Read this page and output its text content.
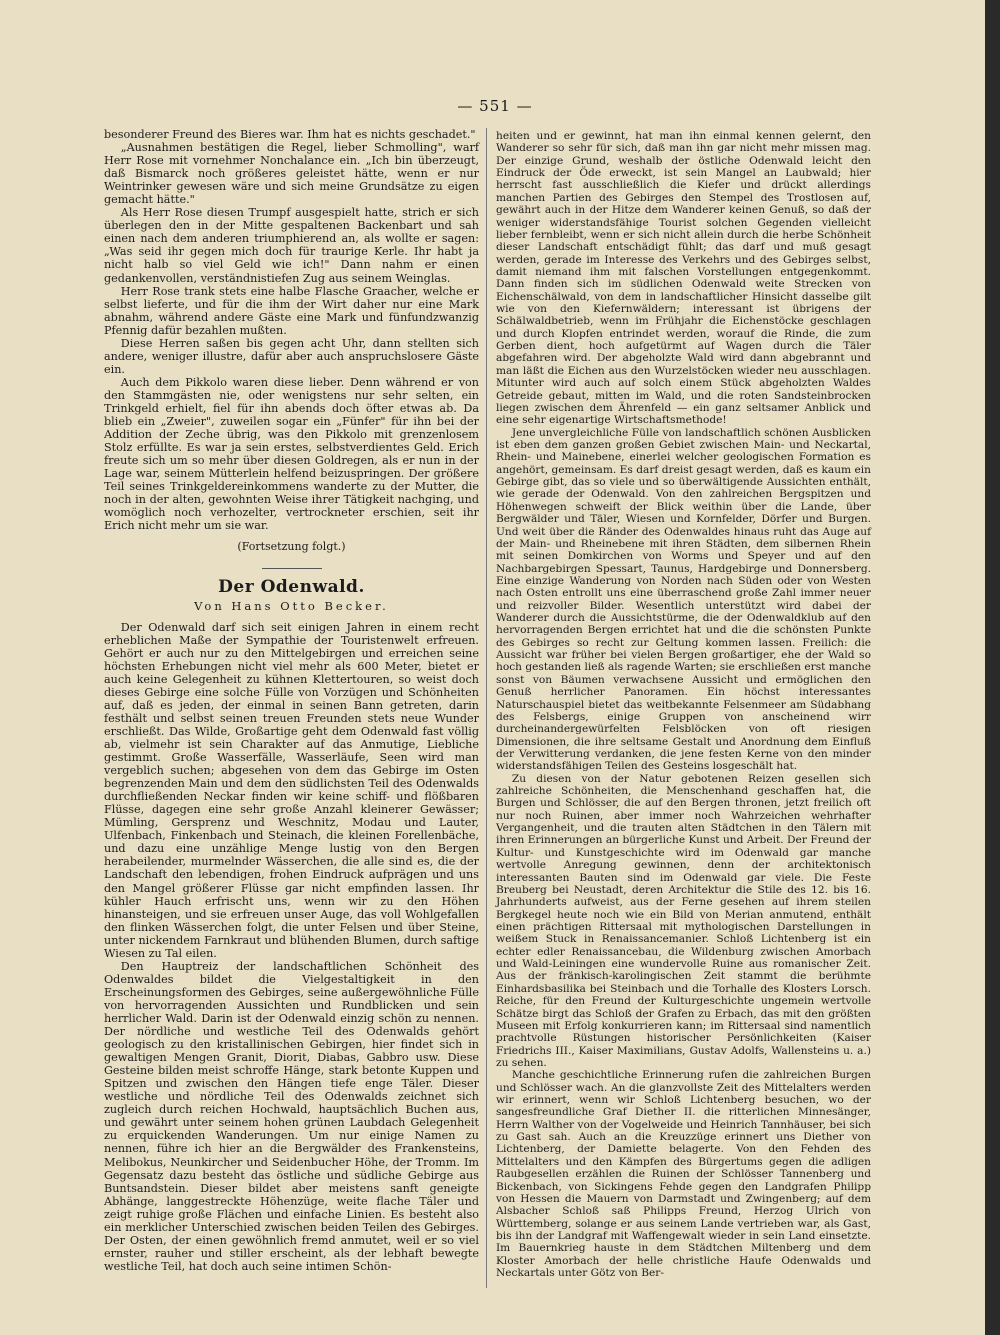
— 551 —

besonderer Freund des Bieres war. Ihm hat es nichts geschadet."

„Ausnahmen bestätigen die Regel, lieber Schmolling", warf Herr Rose mit vornehmer Nonchalance ein. „Ich bin überzeugt, daß Bismarck noch größeres geleistet hätte, wenn er nur Weintrinker gewesen wäre und sich meine Grundsätze zu eigen gemacht hätte."

Als Herr Rose diesen Trumpf ausgespielt hatte, strich er sich überlegen den in der Mitte gespaltenen Backenbart und sah einen nach dem anderen triumphierend an, als wollte er sagen: „Was seid ihr gegen mich doch für traurige Kerle. Ihr habt ja nicht halb so viel Geld wie ich!" Dann nahm er einen gedankenvollen, verständnistiefen Zug aus seinem Weinglas.

Herr Rose trank stets eine halbe Flasche Graacher, welche er selbst lieferte, und für die ihm der Wirt daher nur eine Mark abnahm, während andere Gäste eine Mark und fünfundzwanzig Pfennig dafür bezahlen mußten.

Diese Herren saßen bis gegen acht Uhr, dann stellten sich andere, weniger illustre, dafür aber auch anspruchslosere Gäste ein.

Auch dem Pikkolo waren diese lieber. Denn während er von den Stammgästen nie, oder wenigstens nur sehr selten, ein Trinkgeld erhielt, fiel für ihn abends doch öfter etwas ab. Da blieb ein „Zweier", zuweilen sogar ein „Fünfer" für ihn bei der Addition der Zeche übrig, was den Pikkolo mit grenzenlosem Stolz erfüllte. Es war ja sein erstes, selbstverdientes Geld. Erich freute sich um so mehr über diesen Goldregen, als er nun in der Lage war, seinem Mütterlein helfend beizuspringen. Der größere Teil seines Trinkgeldereinkommens wanderte zu der Mutter, die noch in der alten, gewohnten Weise ihrer Tätigkeit nachging, und womöglich noch verhozelter, vertrockneter erschien, seit ihr Erich nicht mehr um sie war.

(Fortsetzung folgt.)

Der Odenwald.
Von Hans Otto Becker.

Der Odenwald darf sich seit einigen Jahren in einem recht erheblichen Maße der Sympathie der Touristenwelt erfreuen. Gehört er auch nur zu den Mittelgebirgen und erreichen seine höchsten Erhebungen nicht viel mehr als 600 Meter, bietet er auch keine Gelegenheit zu kühnen Klettertouren, so weist doch dieses Gebirge eine solche Fülle von Vorzügen und Schönheiten auf, daß es jeden, der einmal in seinen Bann getreten, darin festhält und selbst seinen treuen Freunden stets neue Wunder erschließt. Das Wilde, Großartige geht dem Odenwald fast völlig ab, vielmehr ist sein Charakter auf das Anmutige, Liebliche gestimmt. Große Wasserfälle, Wasserläufe, Seen wird man vergeblich suchen; abgesehen von dem das Gebirge im Osten begrenzenden Main und dem den südlichsten Teil des Odenwalds durchfließenden Neckar finden wir keine schiff- und flößbaren Flüsse, dagegen eine sehr große Anzahl kleinerer Gewässer; Mümling, Gersprenz und Weschnitz, Modau und Lauter, Ulfenbach, Finkenbach und Steinach, die kleinen Forellenbäche, und dazu eine unzählige Menge lustig von den Bergen herabeilender, murmelnder Wässerchen, die alle sind es, die der Landschaft den lebendigen, frohen Eindruck aufprägen und uns den Mangel größerer Flüsse gar nicht empfinden lassen. Ihr kühler Hauch erfrischt uns, wenn wir zu den Höhen hinansteigen, und sie erfreuen unser Auge, das voll Wohlgefallen den flinken Wässerchen folgt, die unter Felsen und über Steine, unter nickendem Farnkraut und blühenden Blumen, durch saftige Wiesen zu Tal eilen.

Den Hauptreiz der landschaftlichen Schönheit des Odenwaldes bildet die Vielgestaltigkeit in den Erscheinungsformen des Gebirges, seine außergewöhnliche Fülle von hervorragenden Aussichten und Rundblicken und sein herrlicher Wald. Darin ist der Odenwald einzig schön zu nennen. Der nördliche und westliche Teil des Odenwalds gehört geologisch zu den kristallinischen Gebirgen, hier findet sich in gewaltigen Mengen Granit, Diorit, Diabas, Gabbro usw. Diese Gesteine bilden meist schroffe Hänge, stark betonte Kuppen und Spitzen und zwischen den Hängen tiefe enge Täler. Dieser westliche und nördliche Teil des Odenwalds zeichnet sich zugleich durch reichen Hochwald, hauptsächlich Buchen aus, und gewährt unter seinem hohen grünen Laubdach Gelegenheit zu erquickenden Wanderungen. Um nur einige Namen zu nennen, führe ich hier an die Bergwälder des Frankensteins, Melibokus, Neunkircher und Seidenbucher Höhe, der Tromm. Im Gegensatz dazu besteht das östliche und südliche Gebirge aus Buntsandstein. Dieser bildet aber meistens sanft geneigte Abhänge, langgestreckte Höhenzüge, weite flache Täler und zeigt ruhige große Flächen und einfache Linien. Es besteht also ein merklicher Unterschied zwischen beiden Teilen des Gebirges. Der Osten, der einen gewöhnlich fremd anmutet, weil er so viel ernster, rauher und stiller erscheint, als der lebhaft bewegte westliche Teil, hat doch auch seine intimen Schön-

heiten und er gewinnt, hat man ihn einmal kennen gelernt, den Wanderer so sehr für sich, daß man ihn gar nicht mehr missen mag. Der einzige Grund, weshalb der östliche Odenwald leicht den Eindruck der Öde erweckt, ist sein Mangel an Laubwald; hier herrscht fast ausschließlich die Kiefer und drückt allerdings manchen Partien des Gebirges den Stempel des Trostlosen auf, gewährt auch in der Hitze dem Wanderer keinen Genuß, so daß der weniger widerstandsfähige Tourist solchen Gegenden vielleicht lieber fernbleibt, wenn er sich nicht allein durch die herbe Schönheit dieser Landschaft entschädigt fühlt; das darf und muß gesagt werden, gerade im Interesse des Verkehrs und des Gebirges selbst, damit niemand ihm mit falschen Vorstellungen entgegenkommt. Dann finden sich im südlichen Odenwald weite Strecken von Eichenschälwald, von dem in landschaftlicher Hinsicht dasselbe gilt wie von den Kiefernwäldern; interessant ist übrigens der Schälwaldbetrieb, wenn im Frühjahr die Eichenstöcke geschlagen und durch Klopfen entrindet werden, worauf die Rinde, die zum Gerben dient, hoch aufgetürmt auf Wagen durch die Täler abgefahren wird. Der abgeholzte Wald wird dann abgebrannt und man läßt die Eichen aus den Wurzelstöcken wieder neu ausschlagen. Mitunter wird auch auf solch einem Stück abgeholzten Waldes Getreide gebaut, mitten im Wald, und die roten Sandsteinbrocken liegen zwischen dem Ährenfeld — ein ganz seltsamer Anblick und eine sehr eigenartige Wirtschaftsmethode!

Jene unvergleichliche Fülle von landschaftlich schönen Ausblicken ist eben dem ganzen großen Gebiet zwischen Main- und Neckartal, Rhein- und Mainebene, einerlei welcher geologischen Formation es angehört, gemeinsam. Es darf dreist gesagt werden, daß es kaum ein Gebirge gibt, das so viele und so überwältigende Aussichten enthält, wie gerade der Odenwald. Von den zahlreichen Bergspitzen und Höhenwegen schweift der Blick weithin über die Lande, über Bergwälder und Täler, Wiesen und Kornfelder, Dörfer und Burgen. Und weit über die Ränder des Odenwaldes hinaus ruht das Auge auf der Main- und Rheinebene mit ihren Städten, dem silbernen Rhein mit seinen Domkirchen von Worms und Speyer und auf den Nachbargebirgen Spessart, Taunus, Hardgebirge und Donnersberg. Eine einzige Wanderung von Norden nach Süden oder von Westen nach Osten entrollt uns eine überraschend große Zahl immer neuer und reizvoller Bilder. Wesentlich unterstützt wird dabei der Wanderer durch die Aussichtstürme, die der Odenwaldklub auf den hervorragenden Bergen errichtet hat und die die schönsten Punkte des Gebirges so recht zur Geltung kommen lassen. Freilich: die Aussicht war früher bei vielen Bergen großartiger, ehe der Wald so hoch gestanden ließ als ragende Warten; sie erschließen erst manche sonst von Bäumen verwachsene Aussicht und ermöglichen den Genuß herrlicher Panoramen. Ein höchst interessantes Naturschauspiel bietet das weitbekannte Felsenmeer am Südabhang des Felsbergs, einige Gruppen von anscheinend wirr durcheinandergewürfelten Felsblöcken von oft riesigen Dimensionen, die ihre seltsame Gestalt und Anordnung dem Einfluß der Verwitterung verdanken, die jene festen Kerne von den minder widerstandsfähigen Teilen des Gesteins losgeschält hat.

Zu diesen von der Natur gebotenen Reizen gesellen sich zahlreiche Schönheiten, die Menschenhand geschaffen hat, die Burgen und Schlösser, die auf den Bergen thronen, jetzt freilich oft nur noch Ruinen, aber immer noch Wahrzeichen wehrhafter Vergangenheit, und die trauten alten Städtchen in den Tälern mit ihren Erinnerungen an bürgerliche Kunst und Arbeit. Der Freund der Kultur- und Kunstgeschichte wird im Odenwald gar manche wertvolle Anregung gewinnen, denn der architektonisch interessanten Bauten sind im Odenwald gar viele. Die Feste Breuberg bei Neustadt, deren Architektur die Stile des 12. bis 16. Jahrhunderts aufweist, aus der Ferne gesehen auf ihrem steilen Bergkegel heute noch wie ein Bild von Merian anmutend, enthält einen prächtigen Rittersaal mit mythologischen Darstellungen in weißem Stuck in Renaissancemanier. Schloß Lichtenberg ist ein echter edler Renaissancebau, die Wildenburg zwischen Amorbach und Wald-Leiningen eine wundervolle Ruine aus romanischer Zeit. Aus der fränkisch-karolingischen Zeit stammt die berühmte Einhardsbasilika bei Steinbach und die Torhalle des Klosters Lorsch. Reiche, für den Freund der Kulturgeschichte ungemein wertvolle Schätze birgt das Schloß der Grafen zu Erbach, das mit den größten Museen mit Erfolg konkurrieren kann; im Rittersaal sind namentlich prachtvolle Rüstungen historischer Persönlichkeiten (Kaiser Friedrichs III., Kaiser Maximilians, Gustav Adolfs, Wallensteins u. a.) zu sehen.

Manche geschichtliche Erinnerung rufen die zahlreichen Burgen und Schlösser wach. An die glanzvollste Zeit des Mittelalters werden wir erinnert, wenn wir Schloß Lichtenberg besuchen, wo der sangesfreundliche Graf Diether II. die ritterlichen Minnesänger, Herrn Walther von der Vogelweide und Heinrich Tannhäuser, bei sich zu Gast sah. Auch an die Kreuzzüge erinnert uns Diether von Lichtenberg, der Damiette belagerte. Von den Fehden des Mittelalters und den Kämpfen des Bürgertums gegen die adligen Raubgesellen erzählen die Ruinen der Schlösser Tannenberg und Bickenbach, von Sickingens Fehde gegen den Landgrafen Philipp von Hessen die Mauern von Darmstadt und Zwingenberg; auf dem Alsbacher Schloß saß Philipps Freund, Herzog Ulrich von Württemberg, solange er aus seinem Lande vertrieben war, als Gast, bis ihn der Landgraf mit Waffengewalt wieder in sein Land einsetzte. Im Bauernkrieg hauste in dem Städtchen Miltenberg und dem Kloster Amorbach der helle christliche Haufe Odenwalds und Neckartals unter Götz von Ber-
